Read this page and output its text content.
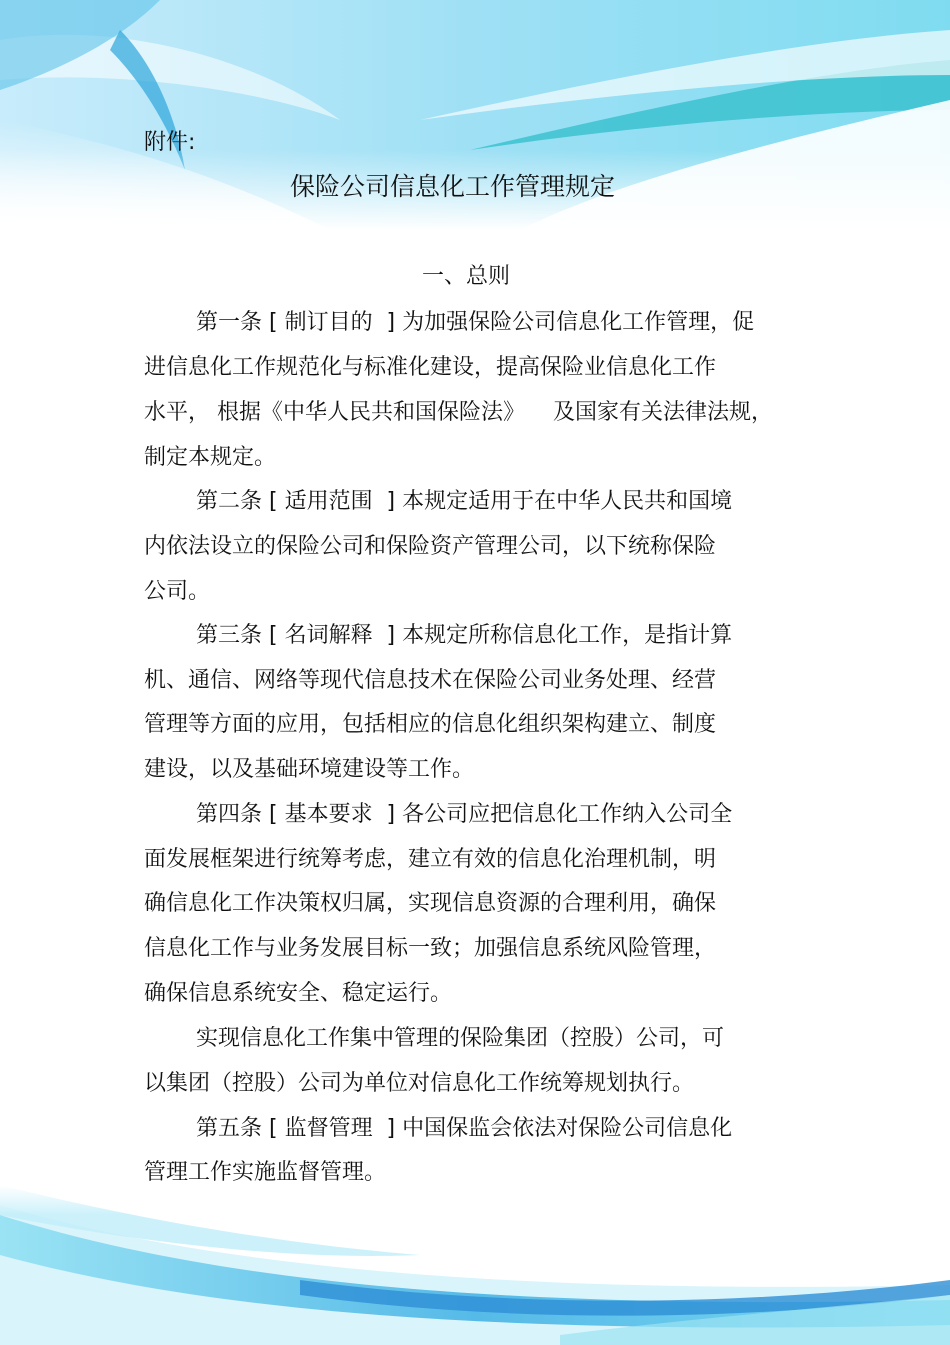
附件:
保险公司信息化工作管理规定
一、总则
第一条 [ 制订目的  ] 为加强保险公司信息化工作管理，促
进信息化工作规范化与标准化建设，提高保险业信息化工作
水平， 根据《中华人民共和国保险法》    及国家有关法律法规，
制定本规定。
第二条 [ 适用范围  ] 本规定适用于在中华人民共和国境
内依法设立的保险公司和保险资产管理公司，以下统称保险
公司。
第三条 [ 名词解释  ] 本规定所称信息化工作，是指计算
机、通信、网络等现代信息技术在保险公司业务处理、经营
管理等方面的应用，包括相应的信息化组织架构建立、制度
建设，以及基础环境建设等工作。
第四条 [ 基本要求  ] 各公司应把信息化工作纳入公司全
面发展框架进行统筹考虑，建立有效的信息化治理机制，明
确信息化工作决策权归属，实现信息资源的合理利用，确保
信息化工作与业务发展目标一致；加强信息系统风险管理，
确保信息系统安全、稳定运行。
实现信息化工作集中管理的保险集团（控股）公司，可
以集团（控股）公司为单位对信息化工作统筹规划执行。
第五条 [ 监督管理  ] 中国保监会依法对保险公司信息化
管理工作实施监督管理。
